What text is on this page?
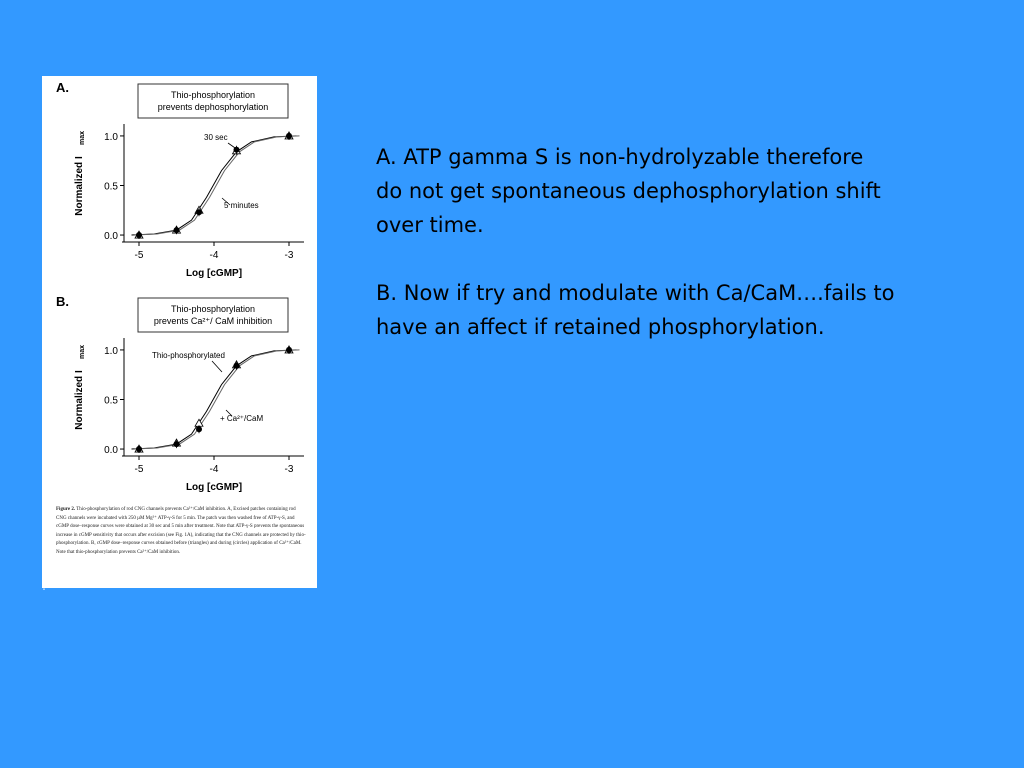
A.	Thio-phosphorylation
prevents dephosphorylation
0.0
0.5
1.0
-5	-4	-3
Log [cGMP]
Normalized I
max	30 sec
5 minutes
B.	Thio-phosphorylation
prevents Ca²⁺/ CaM inhibition
0.0
0.5
1.0
-5	-4	-3
Log [cGMP]
Normalized I
max	Thio-phosphorylated
+ Ca²⁺/CaM
Figure 2. Thio-phosphorylation of rod CNG channels prevents Ca²⁺/CaM inhibition. A, Excised patches containing rod CNG channels were incubated with 250 µM Mg²⁺ ATP-γ-S for 5 min. The patch was then washed free of ATP-γ-S, and cGMP dose–response curves were obtained at 30 sec and 5 min after treatment. Note that ATP-γ-S prevents the spontaneous increase in cGMP sensitivity that occurs after excision (see Fig. 1A), indicating that the CNG channels are protected by thio-phosphorylation. B, cGMP dose–response curves obtained before (triangles) and during (circles) application of Ca²⁺/CaM. Note that thio-phosphorylation prevents Ca²⁺/CaM inhibition.

A. ATP gamma S is non-hydrolyzable therefore do not get spontaneous dephosphorylation shift over time.

B. Now if try and modulate with Ca/CaM….fails to have an affect if retained phosphorylation.
